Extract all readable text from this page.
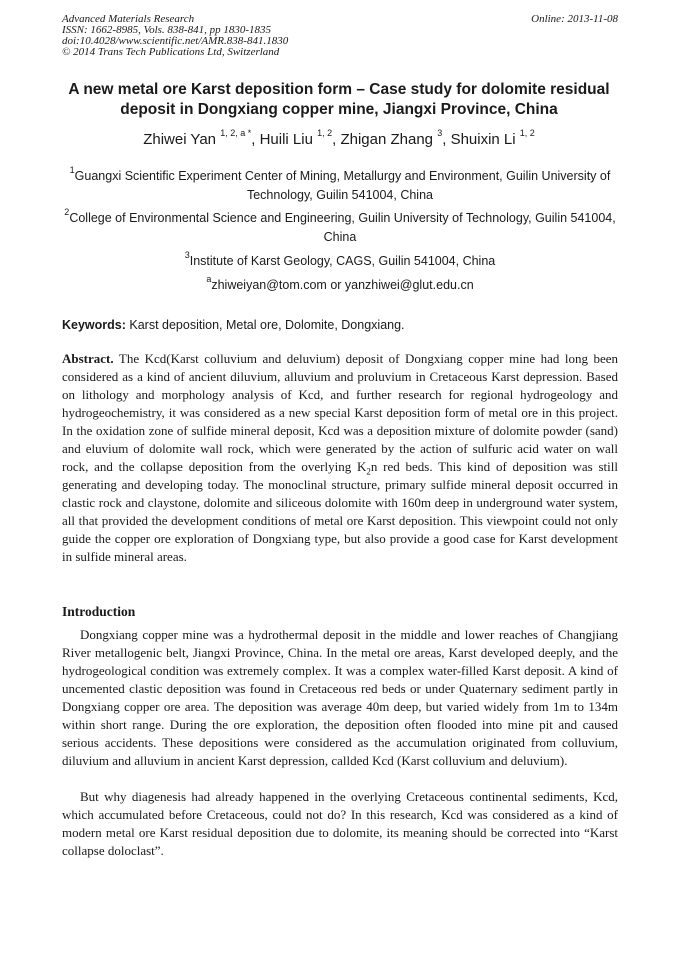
Advanced Materials Research
ISSN: 1662-8985, Vols. 838-841, pp 1830-1835
doi:10.4028/www.scientific.net/AMR.838-841.1830
© 2014 Trans Tech Publications Ltd, Switzerland
Online: 2013-11-08
A new metal ore Karst deposition form – Case study for dolomite residual deposit in Dongxiang copper mine, Jiangxi Province, China
Zhiwei Yan $^{1, 2, a *}$, Huili Liu $^{1, 2}$, Zhigan Zhang $^3$, Shuixin Li $^{1, 2}$
$^1$Guangxi Scientific Experiment Center of Mining, Metallurgy and Environment, Guilin University of Technology, Guilin 541004, China
$^2$College of Environmental Science and Engineering, Guilin University of Technology, Guilin 541004, China
$^3$Institute of Karst Geology, CAGS, Guilin 541004, China
$^a$zhiweiyan@tom.com or yanzhiwei@glut.edu.cn
Keywords: Karst deposition, Metal ore, Dolomite, Dongxiang.
Abstract. The Kcd(Karst colluvium and deluvium) deposit of Dongxiang copper mine had long been considered as a kind of ancient diluvium, alluvium and proluvium in Cretaceous Karst depression. Based on lithology and morphology analysis of Kcd, and further research for regional hydrogeology and hydrogeochemistry, it was considered as a new special Karst deposition form of metal ore in this project. In the oxidation zone of sulfide mineral deposit, Kcd was a deposition mixture of dolomite powder (sand) and eluvium of dolomite wall rock, which were generated by the action of sulfuric acid water on wall rock, and the collapse deposition from the overlying $K_2n$ red beds. This kind of deposition was still generating and developing today. The monoclinal structure, primary sulfide mineral deposit occurred in clastic rock and claystone, dolomite and siliceous dolomite with 160m deep in underground water system, all that provided the development conditions of metal ore Karst deposition. This viewpoint could not only guide the copper ore exploration of Dongxiang type, but also provide a good case for Karst development in sulfide mineral areas.
Introduction

Dongxiang copper mine was a hydrothermal deposit in the middle and lower reaches of Changjiang River metallogenic belt, Jiangxi Province, China. In the metal ore areas, Karst developed deeply, and the hydrogeological condition was extremely complex. It was a complex water-filled Karst deposit. A kind of uncemented clastic deposition was found in Cretaceous red beds or under Quaternary sediment partly in Dongxiang copper ore area. The deposition was average 40m deep, but varied widely from 1m to 134m within short range. During the ore exploration, the deposition often flooded into mine pit and caused serious accidents. These depositions were considered as the accumulation originated from colluvium, diluvium and alluvium in ancient Karst depression, callded Kcd (Karst colluvium and deluvium).

But why diagenesis had already happened in the overlying Cretaceous continental sediments, Kcd, which accumulated before Cretaceous, could not do? In this research, Kcd was considered as a kind of modern metal ore Karst residual deposition due to dolomite, its meaning should be corrected into “Karst collapse doloclast”.
